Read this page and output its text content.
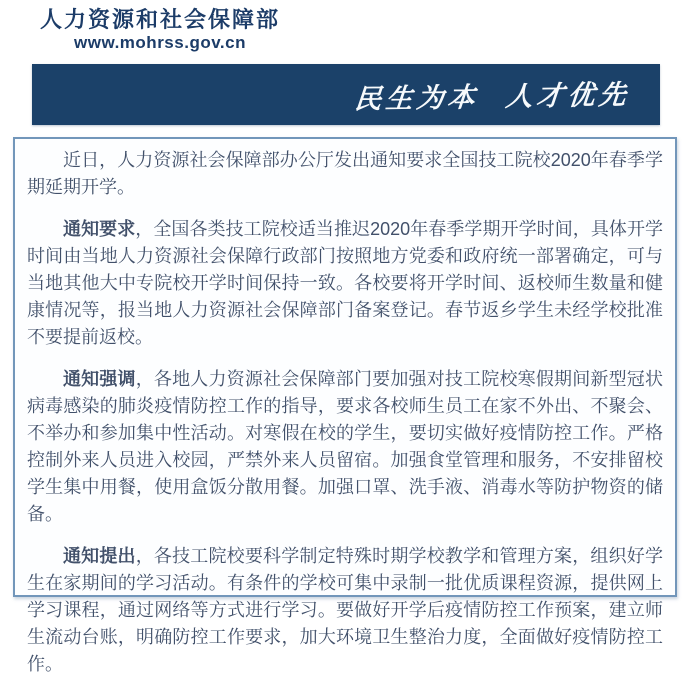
人力资源和社会保障部
www.mohrss.gov.cn
民生为本  人才优先

近日，人力资源社会保障部办公厅发出通知要求全国技工院校2020年春季学期延期开学。

通知要求，全国各类技工院校适当推迟2020年春季学期开学时间，具体开学时间由当地人力资源社会保障行政部门按照地方党委和政府统一部署确定，可与当地其他大中专院校开学时间保持一致。各校要将开学时间、返校师生数量和健康情况等，报当地人力资源社会保障部门备案登记。春节返乡学生未经学校批准不要提前返校。

通知强调，各地人力资源社会保障部门要加强对技工院校寒假期间新型冠状病毒感染的肺炎疫情防控工作的指导，要求各校师生员工在家不外出、不聚会、不举办和参加集中性活动。对寒假在校的学生，要切实做好疫情防控工作。严格控制外来人员进入校园，严禁外来人员留宿。加强食堂管理和服务，不安排留校学生集中用餐，使用盒饭分散用餐。加强口罩、洗手液、消毒水等防护物资的储备。

通知提出，各技工院校要科学制定特殊时期学校教学和管理方案，组织好学生在家期间的学习活动。有条件的学校可集中录制一批优质课程资源，提供网上学习课程，通过网络等方式进行学习。要做好开学后疫情防控工作预案，建立师生流动台账，明确防控工作要求，加大环境卫生整治力度，全面做好疫情防控工作。
